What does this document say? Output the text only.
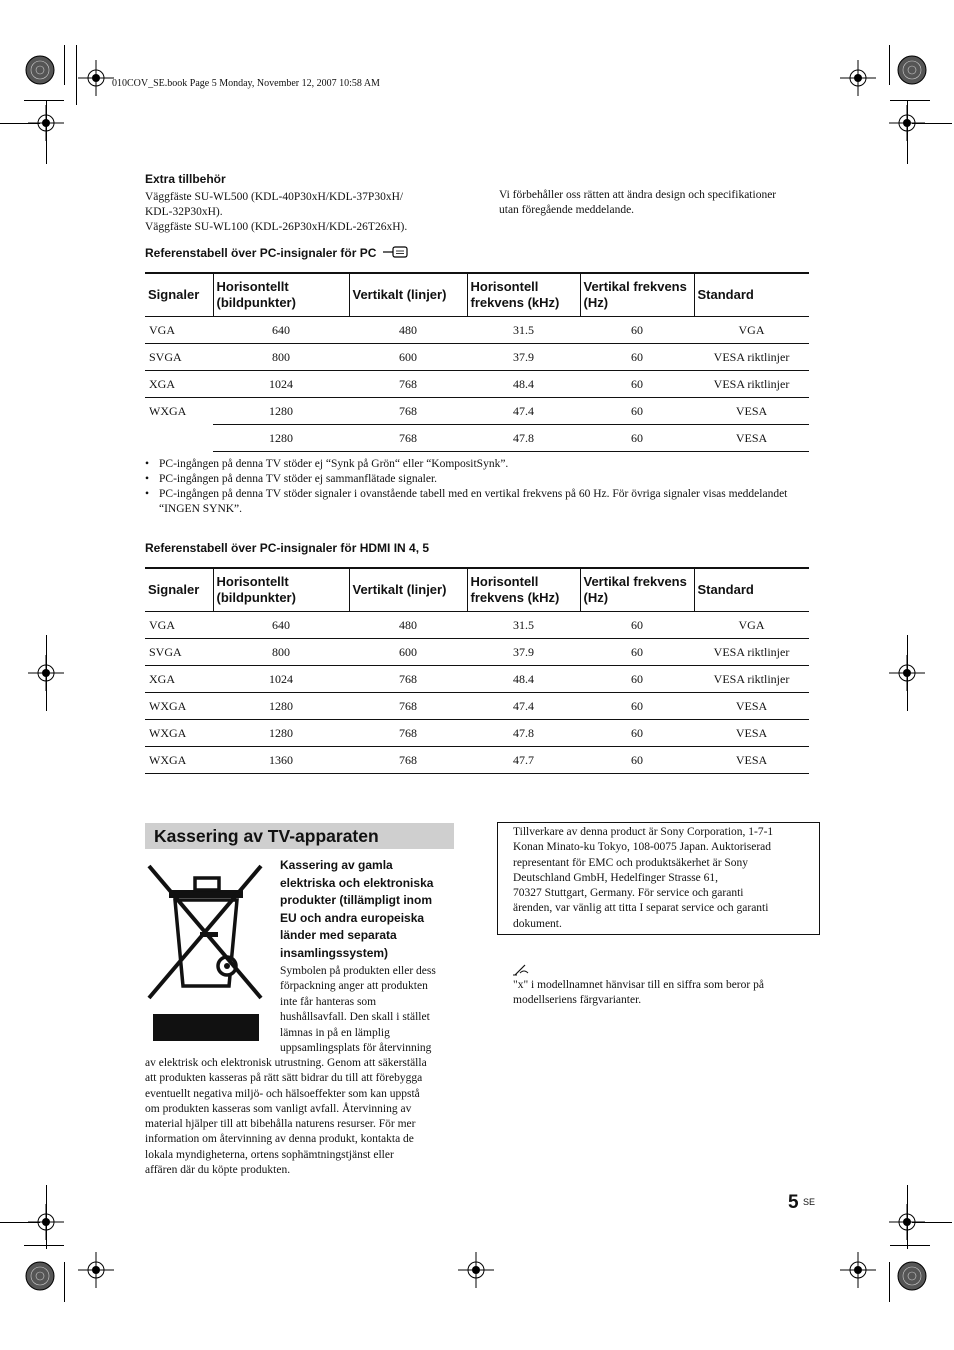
010COV_SE.book Page 5 Monday, November 12, 2007 10:58 AM
Extra tillbehör
Väggfäste SU-WL500 (KDL-40P30xH/KDL-37P30xH/
KDL-32P30xH).
Väggfäste SU-WL100 (KDL-26P30xH/KDL-26T26xH).
Vi förbehåller oss rätten att ändra design och specifikationer
utan föregående meddelande.
Referenstabell över PC-insignaler för PC
Signaler	Horisontellt (bildpunkter)	Vertikalt (linjer)	Horisontell frekvens (kHz)	Vertikal frekvens (Hz)	Standard
VGA	640	480	31.5	60	VGA
SVGA	800	600	37.9	60	VESA riktlinjer
XGA	1024	768	48.4	60	VESA riktlinjer
WXGA	1280	768	47.4	60	VESA
	1280	768	47.8	60	VESA
• PC-ingången på denna TV stöder ej “Synk på Grön“ eller “KompositSynk”.
• PC-ingången på denna TV stöder ej sammanflätade signaler.
• PC-ingången på denna TV stöder signaler i ovanstående tabell med en vertikal frekvens på 60 Hz. För övriga signaler visas meddelandet “INGEN SYNK”.
Referenstabell över PC-insignaler för HDMI IN 4, 5
Signaler	Horisontellt (bildpunkter)	Vertikalt (linjer)	Horisontell frekvens (kHz)	Vertikal frekvens (Hz)	Standard
VGA	640	480	31.5	60	VGA
SVGA	800	600	37.9	60	VESA riktlinjer
XGA	1024	768	48.4	60	VESA riktlinjer
WXGA	1280	768	47.4	60	VESA
WXGA	1280	768	47.8	60	VESA
WXGA	1360	768	47.7	60	VESA
Kassering av TV-apparaten
Kassering av gamla
elektriska och elektroniska
produkter (tillämpligt inom
EU och andra europeiska
länder med separata
insamlingssystem)
Symbolen på produkten eller dess
förpackning anger att produkten
inte får hanteras som
hushållsavfall. Den skall i stället
lämnas in på en lämplig
uppsamlingsplats för återvinning
av elektrisk och elektronisk utrustning. Genom att säkerställa
att produkten kasseras på rätt sätt bidrar du till att förebygga
eventuellt negativa miljö- och hälsoeffekter som kan uppstå
om produkten kasseras som vanligt avfall. Återvinning av
material hjälper till att bibehålla naturens resurser. För mer
information om återvinning av denna produkt, kontakta de
lokala myndigheterna, ortens sophämtningstjänst eller
affären där du köpte produkten.
Tillverkare av denna product är Sony Corporation, 1-7-1
Konan Minato-ku Tokyo, 108-0075 Japan. Auktoriserad
representant för EMC och produktsäkerhet är Sony
Deutschland GmbH, Hedelfinger Strasse 61,
70327 Stuttgart, Germany. För service och garanti
ärenden, var vänlig att titta I separat service och garanti
dokument.
"x" i modellnamnet hänvisar till en siffra som beror på
modellseriens färgvarianter.
5 SE
